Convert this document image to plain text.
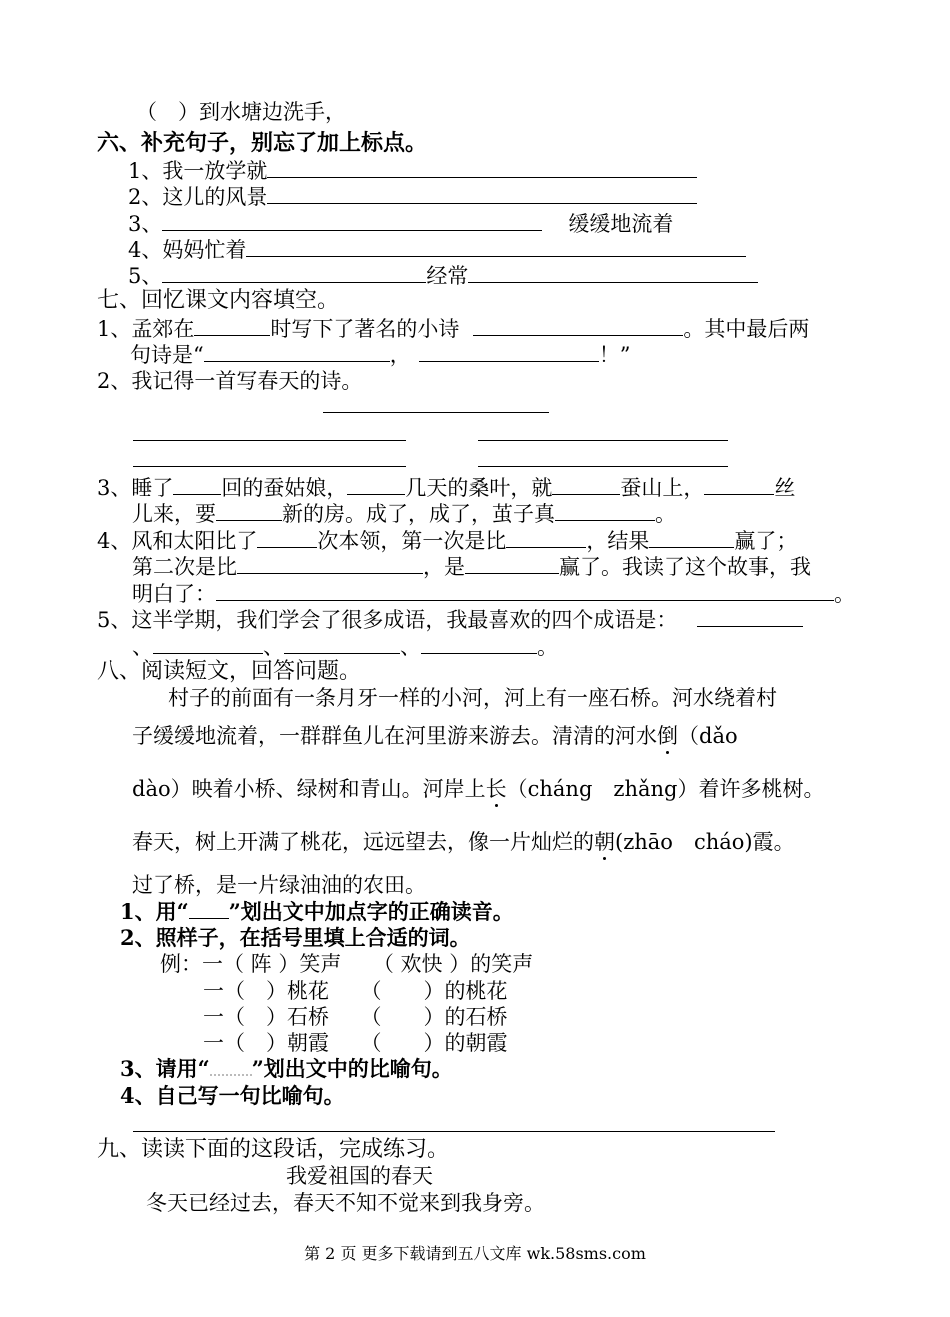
（　）到水塘边洗手，
六、补充句子，别忘了加上标点。
1、我一放学就
2、这儿的风景
3、	缓缓地流着
4、妈妈忙着
5、	经常
七、回忆课文内容填空。
1、孟郊在	时写下了著名的小诗	。其中最后两
句诗是“	，	！”
2、我记得一首写春天的诗。
3、睡了 回的蚕姑娘，	几天的桑叶，就	蚕山上，	丝
儿来，要	新的房。成了，成了，茧子真	。
4、风和太阳比了	次本领，第一次是比	，结果	赢了；
第二次是比	，是	赢了。我读了这个故事，我
明白了：	。
5、这半学期，我们学会了很多成语，我最喜欢的四个成语是：
、	、	、	。
八、阅读短文，回答问题。
村子的前面有一条月牙一样的小河，河上有一座石桥。河水绕着村
子缓缓地流着，一群群鱼儿在河里游来游去。清清的河水倒（dǎo
dào）映着小桥、绿树和青山。河岸上长（cháng　zhǎng）着许多桃树。
春天，树上开满了桃花，远远望去，像一片灿烂的朝(zhāo　cháo)霞。
过了桥，是一片绿油油的农田。
1、用“ ”划出文中加点字的正确读音。
2、照样子，在括号里填上合适的词。
例：一（ 阵 ）笑声　　（ 欢快 ）的笑声
一（　）桃花　　（　　）的桃花
一（　）石桥　　（　　）的石桥
一（　）朝霞　　（　　）的朝霞
3、请用“ ”划出文中的比喻句。
4、自己写一句比喻句。
九、读读下面的这段话，完成练习。
我爱祖国的春天
冬天已经过去，春天不知不觉来到我身旁。
第 2 页 更多下载请到五八文库 wk.58sms.com
